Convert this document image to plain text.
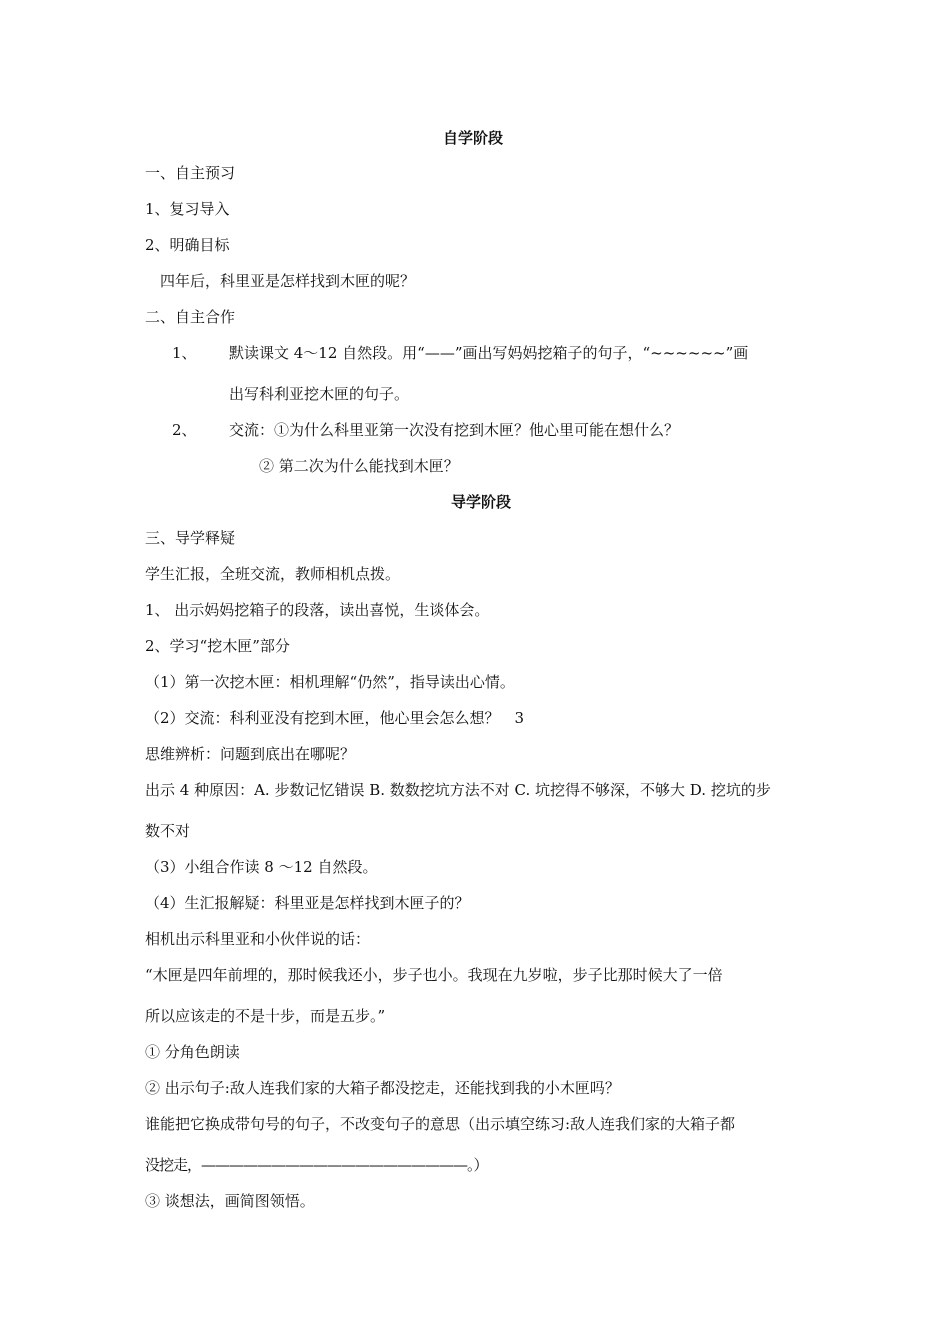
自学阶段
一、自主预习
1、复习导入
2、明确目标
四年后，科里亚是怎样找到木匣的呢？
二、自主合作
1、 默读课文 4～12 自然段。用“——”画出写妈妈挖箱子的句子，“~~~~~~”画
出写科利亚挖木匣的句子。
2、 交流：①为什么科里亚第一次没有挖到木匣？他心里可能在想什么？
② 第二次为什么能找到木匣？
导学阶段
三、导学释疑
学生汇报，全班交流，教师相机点拨。
1、 出示妈妈挖箱子的段落，读出喜悦，生谈体会。
2、学习“挖木匣”部分
（1）第一次挖木匣：相机理解“仍然”，指导读出心情。
（2）交流：科利亚没有挖到木匣，他心里会怎么想？　3
思维辨析：问题到底出在哪呢？
出示 4 种原因：A. 步数记忆错误 B. 数数挖坑方法不对 C. 坑挖得不够深，不够大 D. 挖坑的步
数不对
（3）小组合作读 8 ～12 自然段。
（4）生汇报解疑：科里亚是怎样找到木匣子的？
相机出示科里亚和小伙伴说的话：
“木匣是四年前埋的，那时候我还小，步子也小。我现在九岁啦，步子比那时候大了一倍
所以应该走的不是十步，而是五步。”
① 分角色朗读
② 出示句子:敌人连我们家的大箱子都没挖走，还能找到我的小木匣吗？
谁能把它换成带句号的句子，不改变句子的意思（出示填空练习:敌人连我们家的大箱子都
没挖走，———————————————————。）
③ 谈想法，画简图领悟。
